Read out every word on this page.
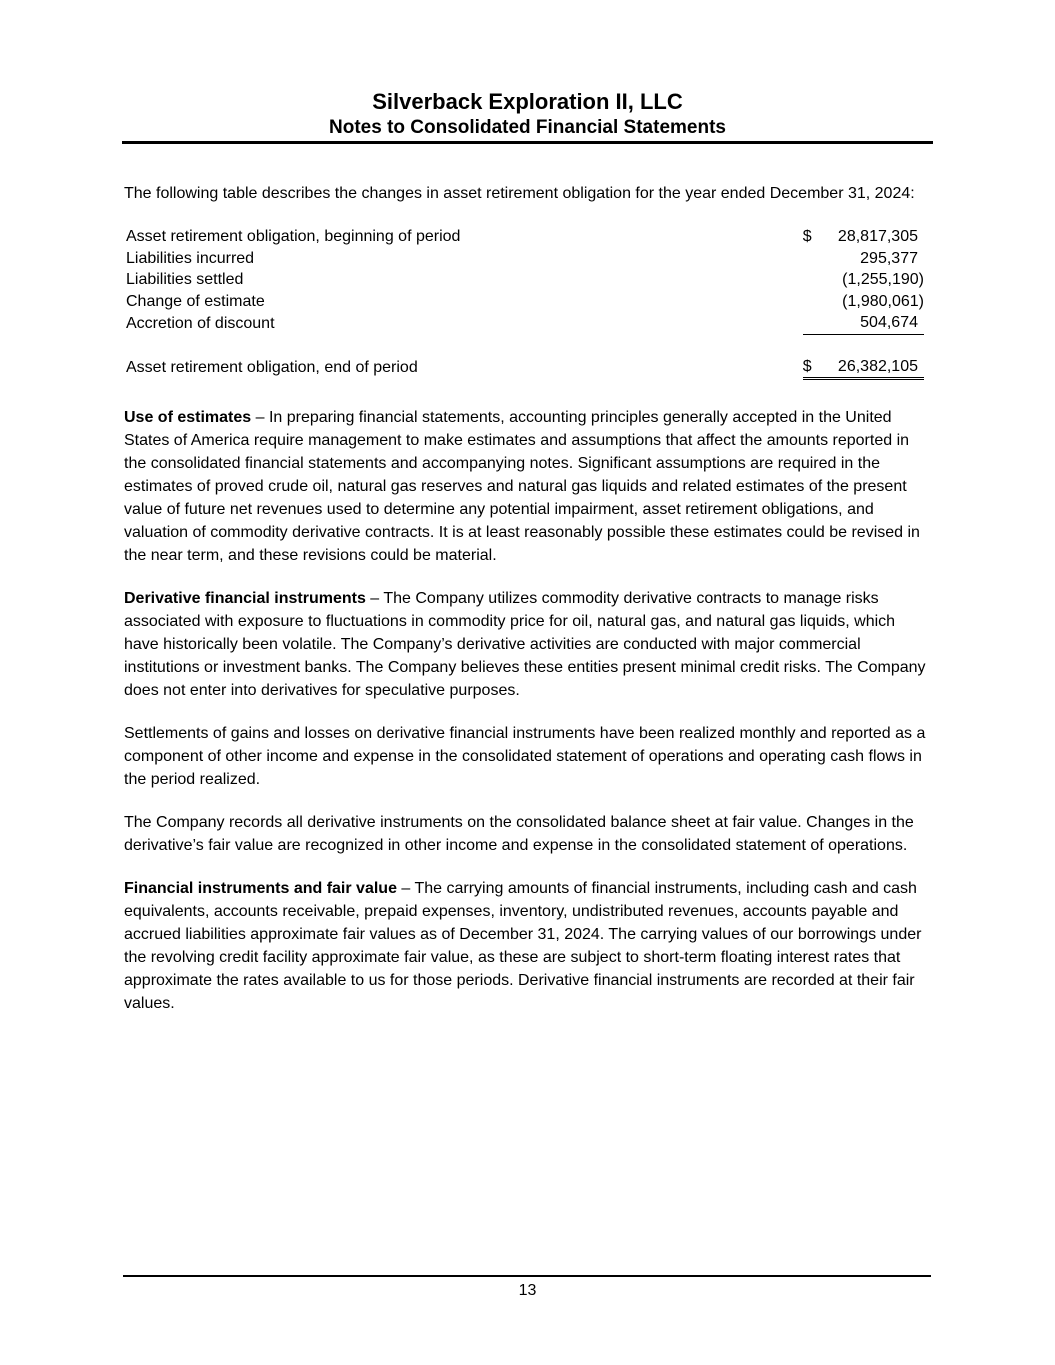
Silverback Exploration II, LLC

Notes to Consolidated Financial Statements

The following table describes the changes in asset retirement obligation for the year ended December 31, 2024:

Asset retirement obligation, beginning of period	$	28,817,305
Liabilities incurred		295,377
Liabilities settled		(1,255,190)
Change of estimate		(1,980,061)
Accretion of discount		504,674

Asset retirement obligation, end of period	$	26,382,105

Use of estimates – In preparing financial statements, accounting principles generally accepted in the United States of America require management to make estimates and assumptions that affect the amounts reported in the consolidated financial statements and accompanying notes. Significant assumptions are required in the estimates of proved crude oil, natural gas reserves and natural gas liquids and related estimates of the present value of future net revenues used to determine any potential impairment, asset retirement obligations, and valuation of commodity derivative contracts. It is at least reasonably possible these estimates could be revised in the near term, and these revisions could be material.

Derivative financial instruments – The Company utilizes commodity derivative contracts to manage risks associated with exposure to fluctuations in commodity price for oil, natural gas, and natural gas liquids, which have historically been volatile. The Company’s derivative activities are conducted with major commercial institutions or investment banks. The Company believes these entities present minimal credit risks. The Company does not enter into derivatives for speculative purposes.

Settlements of gains and losses on derivative financial instruments have been realized monthly and reported as a component of other income and expense in the consolidated statement of operations and operating cash flows in the period realized.

The Company records all derivative instruments on the consolidated balance sheet at fair value. Changes in the derivative’s fair value are recognized in other income and expense in the consolidated statement of operations.

Financial instruments and fair value – The carrying amounts of financial instruments, including cash and cash equivalents, accounts receivable, prepaid expenses, inventory, undistributed revenues, accounts payable and accrued liabilities approximate fair values as of December 31, 2024. The carrying values of our borrowings under the revolving credit facility approximate fair value, as these are subject to short-term floating interest rates that approximate the rates available to us for those periods. Derivative financial instruments are recorded at their fair values.

13
